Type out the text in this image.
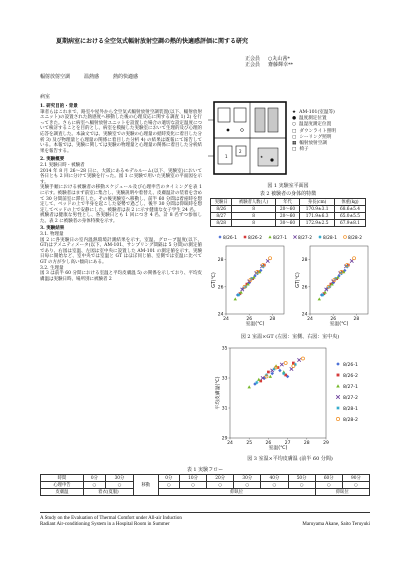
夏期病室における全空気式輻射放射空調の熱的快適感評価に関する研究
正会員 ○丸山茜*
正会員 齋藤輝幸**
輻射放射空調	温熱感	熱的快適感
病室

1. 研究目的・背景

筆者らはこれまで、路室や屋外から全空気式輻射放射空調装置(以下、輻射放射ユニット)の設置された熱感度へ移動した後の心理反応に関する調査 1) 2) を行ってきた。さらに病室へ輻射放射ユニットを設置した場合の適切な設定温度について検討することを目的とし、病室を模擬した実験室において生理的及び心理的応答を調査した。本論文では、実験室での実験の心理量の経時変化に着目した分析 3) 及び物理量と心理量の関係に着目した分析 4) の結果は既報にて報告している。本報では、実験に関しては実験の物理量と心理量の関係に着目した分析結果を報告する。

2. 実験概要

2.1 実験日時・被験者

2014 年 8 月 26〜28 日に、大阪にあるモデルルーム(以下、実験室)において各日とも 2 回に分けて実験を行った。図 1 に実験で用いた実験室の平面図を示す。

実験手順における被験者の移動スケジュール及び心理申告のタイミングを表 1 に示す。被験者はまず前室に集合し、実験説明や着替え、皮膚温計の装着を含めて 30 分間前室に滞在した。その後実験室へ移動し、前半 60 分間は着座時を想定して、ベッドの上で半身を起こした姿勢で過ごし、後半 30 分間は仰臥時を想定してベッドの上で安静にした。被験者は表 2 に示す健康な女子学生 24 名。

被験者は健康な男性とし、各実験日とも 1 回につき 4 名、計 8 名ずつ参加した。表 2 に被験者の身体特徴を示す。

3. 実験結果

3.1. 物理量

図 2 に各実験日の室内温熱環境計測結果を示す。室温、グローブ温度(以下、GT)はアメニティメータ(以下、AM-101、サンプリング間隔は 5 分間)の測定値であり、右図は室温、左図は室中央に設置した AM-101 の測定値を示す。実験日毎に開始など、室中央では室温と GT はほぼ同じ値、室側では室温に比べて GT の方が少し高い傾向にある。

3.2. 生理量

図 3 は前半 60 分間における室温と平均皮膚温 5) の関係を示しており、平均皮膚温は実験日時、場所別に被験者 2

1
2
★
★ AM-101(室温等)
● 温度測定位置
○ 温湿度測定位置
□ ダウンライト照明
▢ シーリング照明
▦ 輻射放射空調
□ 椅子
図 1 実験室平面図
表 2 被験者の身体的特徴
実験日	被験者人数(人)	年代	身長(cm)	体重(kg)
8/26	8	20〜60	170.9±3.1	68.6±5.4
8/27	8	20〜60	171.9±6.3	65.0±5.5
8/28	8	30〜60	172.9±2.5	67.9±8.1
8/26-1	8/26-2	8/27-1	8/27-2	8/28-1	8/28-2
24	26	28
24
26
28
室温(℃)
GT(℃)
24	26	28
24
26
28
室温(℃)
GT(℃)
図 2 室温×GT (左図：室側、右図：室中央)
24	25	26	27	28	29
29
31
33
35
室温(℃)
平均皮膚温(℃)
8/26-1
8/26-2
8/27-1
8/27-2
8/28-1
8/28-2
図 3 室温×平均皮膚温 (前半 60 分間)
表 1 実験フロー
時間	0分	30分	移動	0分	10分	20分	30分	40分	50分	60分	90分
心理申告	○	○		○	○	○	○	○	○	○	○
皮膚温	着衣(夏服)			仰臥位						仰臥位	
A Study on the Evaluation of Thermal Comfort under All-air Induction
Radiant Air-conditioning System in a Hospital Room in Summer	Maruyama Akane, Saito Teruyuki
